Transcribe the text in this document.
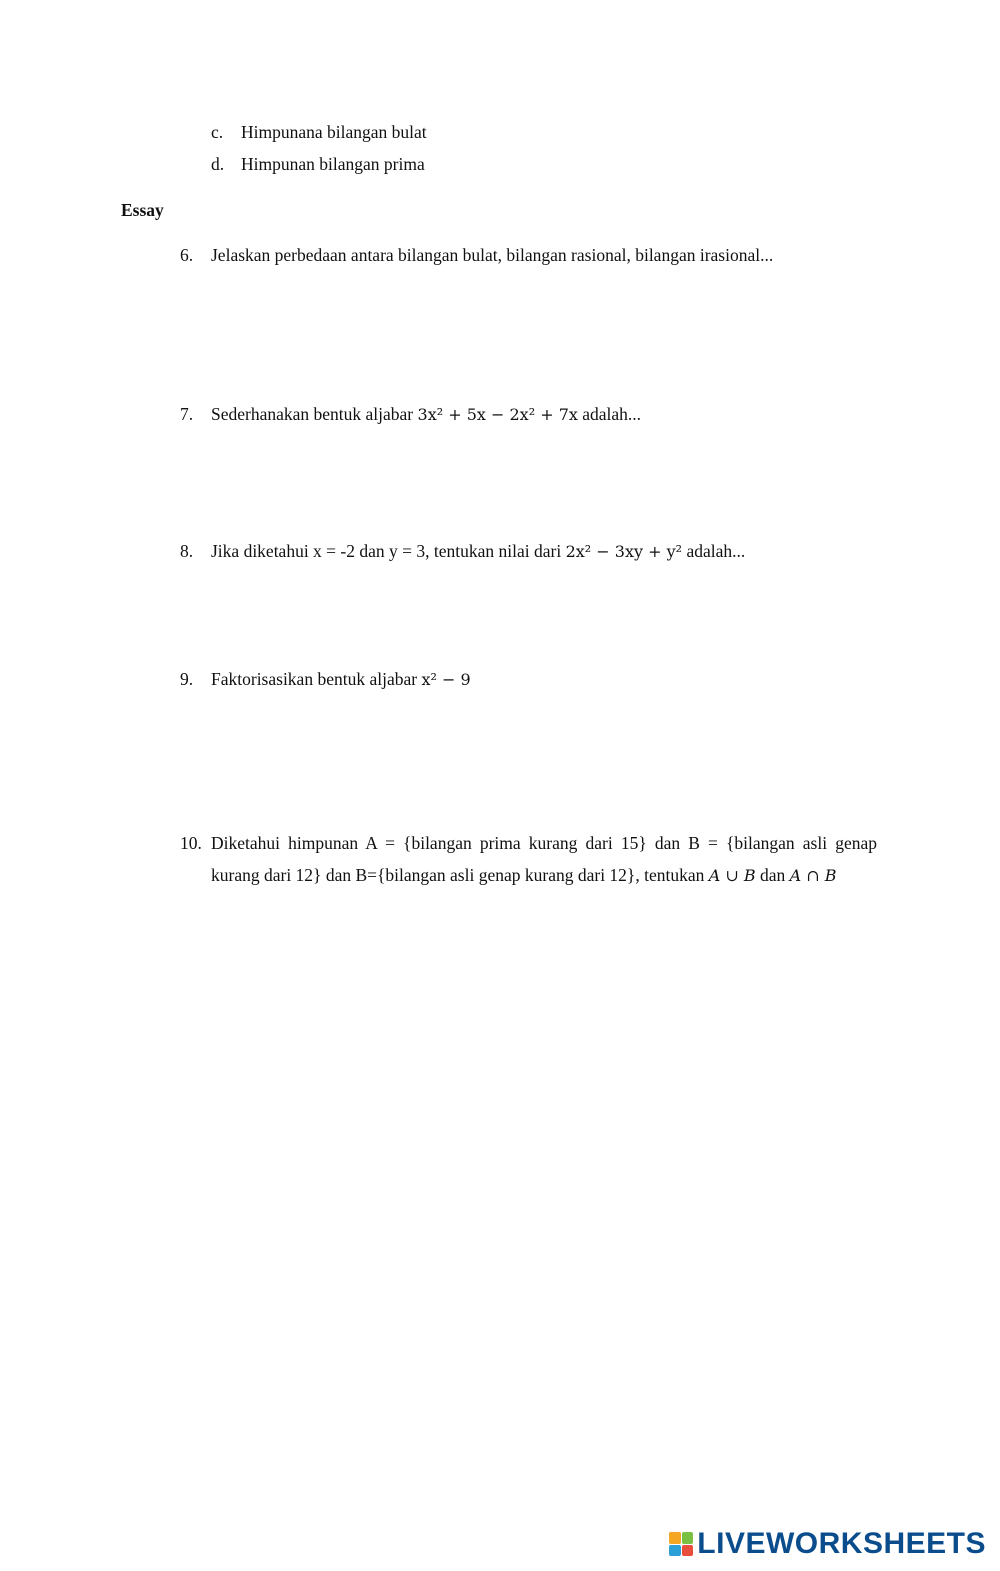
c. Himpunana bilangan bulat
d. Himpunan bilangan prima
Essay
6. Jelaskan perbedaan antara bilangan bulat, bilangan rasional, bilangan irasional...
7. Sederhanakan bentuk aljabar 3x² + 5x − 2x² + 7x adalah...
8. Jika diketahui x = -2 dan y = 3, tentukan nilai dari 2x² − 3xy + y² adalah...
9. Faktorisasikan bentuk aljabar x² − 9
10. Diketahui himpunan A = {bilangan prima kurang dari 15} dan B = {bilangan asli genap kurang dari 12} dan B={bilangan asli genap kurang dari 12}, tentukan A ∪ B dan A ∩ B
LIVEWORKSHEETS
